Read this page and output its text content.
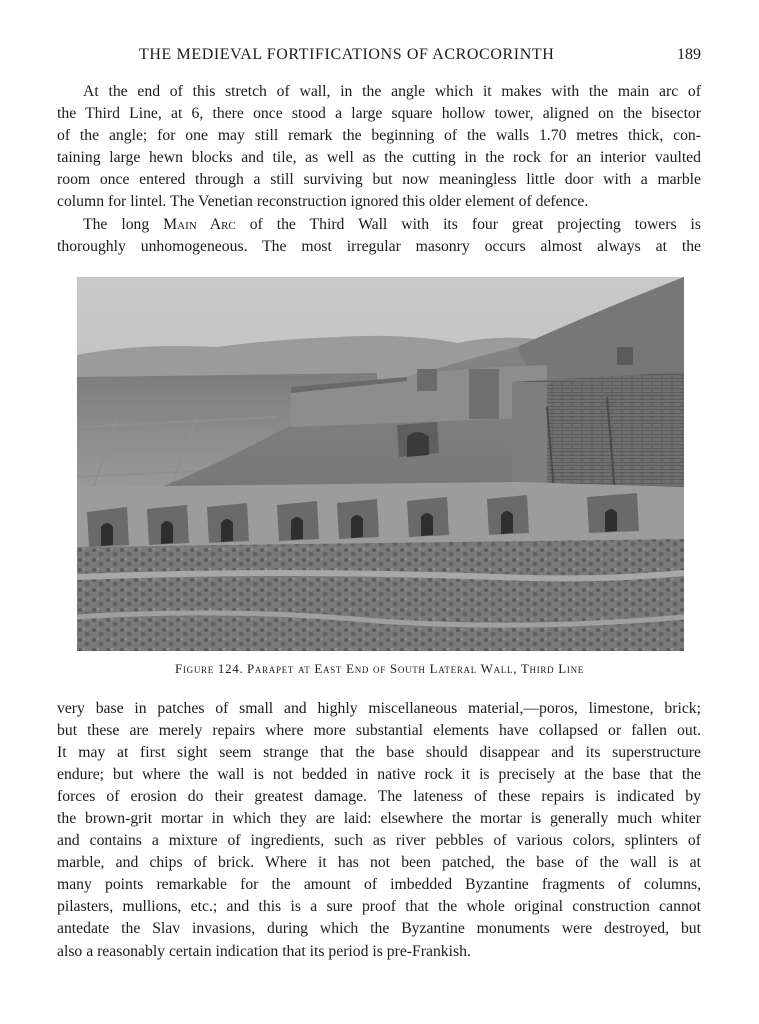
THE MEDIEVAL FORTIFICATIONS OF ACROCORINTH	189
At the end of this stretch of wall, in the angle which it makes with the main arc of
the Third Line, at 6, there once stood a large square hollow tower, aligned on the bisector
of the angle; for one may still remark the beginning of the walls 1.70 metres thick, con-
taining large hewn blocks and tile, as well as the cutting in the rock for an interior vaulted
room once entered through a still surviving but now meaningless little door with a marble
column for lintel. The Venetian reconstruction ignored this older element of defence.
The long Main Arc of the Third Wall with its four great projecting towers is
thoroughly unhomogeneous. The most irregular masonry occurs almost always at the
Figure 124. Parapet at East End of South Lateral Wall, Third Line
very base in patches of small and highly miscellaneous material,—poros, limestone, brick;
but these are merely repairs where more substantial elements have collapsed or fallen out.
It may at first sight seem strange that the base should disappear and its superstructure
endure; but where the wall is not bedded in native rock it is precisely at the base that the
forces of erosion do their greatest damage. The lateness of these repairs is indicated by
the brown-grit mortar in which they are laid: elsewhere the mortar is generally much whiter
and contains a mixture of ingredients, such as river pebbles of various colors, splinters of
marble, and chips of brick. Where it has not been patched, the base of the wall is at
many points remarkable for the amount of imbedded Byzantine fragments of columns,
pilasters, mullions, etc.; and this is a sure proof that the whole original construction cannot
antedate the Slav invasions, during which the Byzantine monuments were destroyed, but
also a reasonably certain indication that its period is pre-Frankish.
